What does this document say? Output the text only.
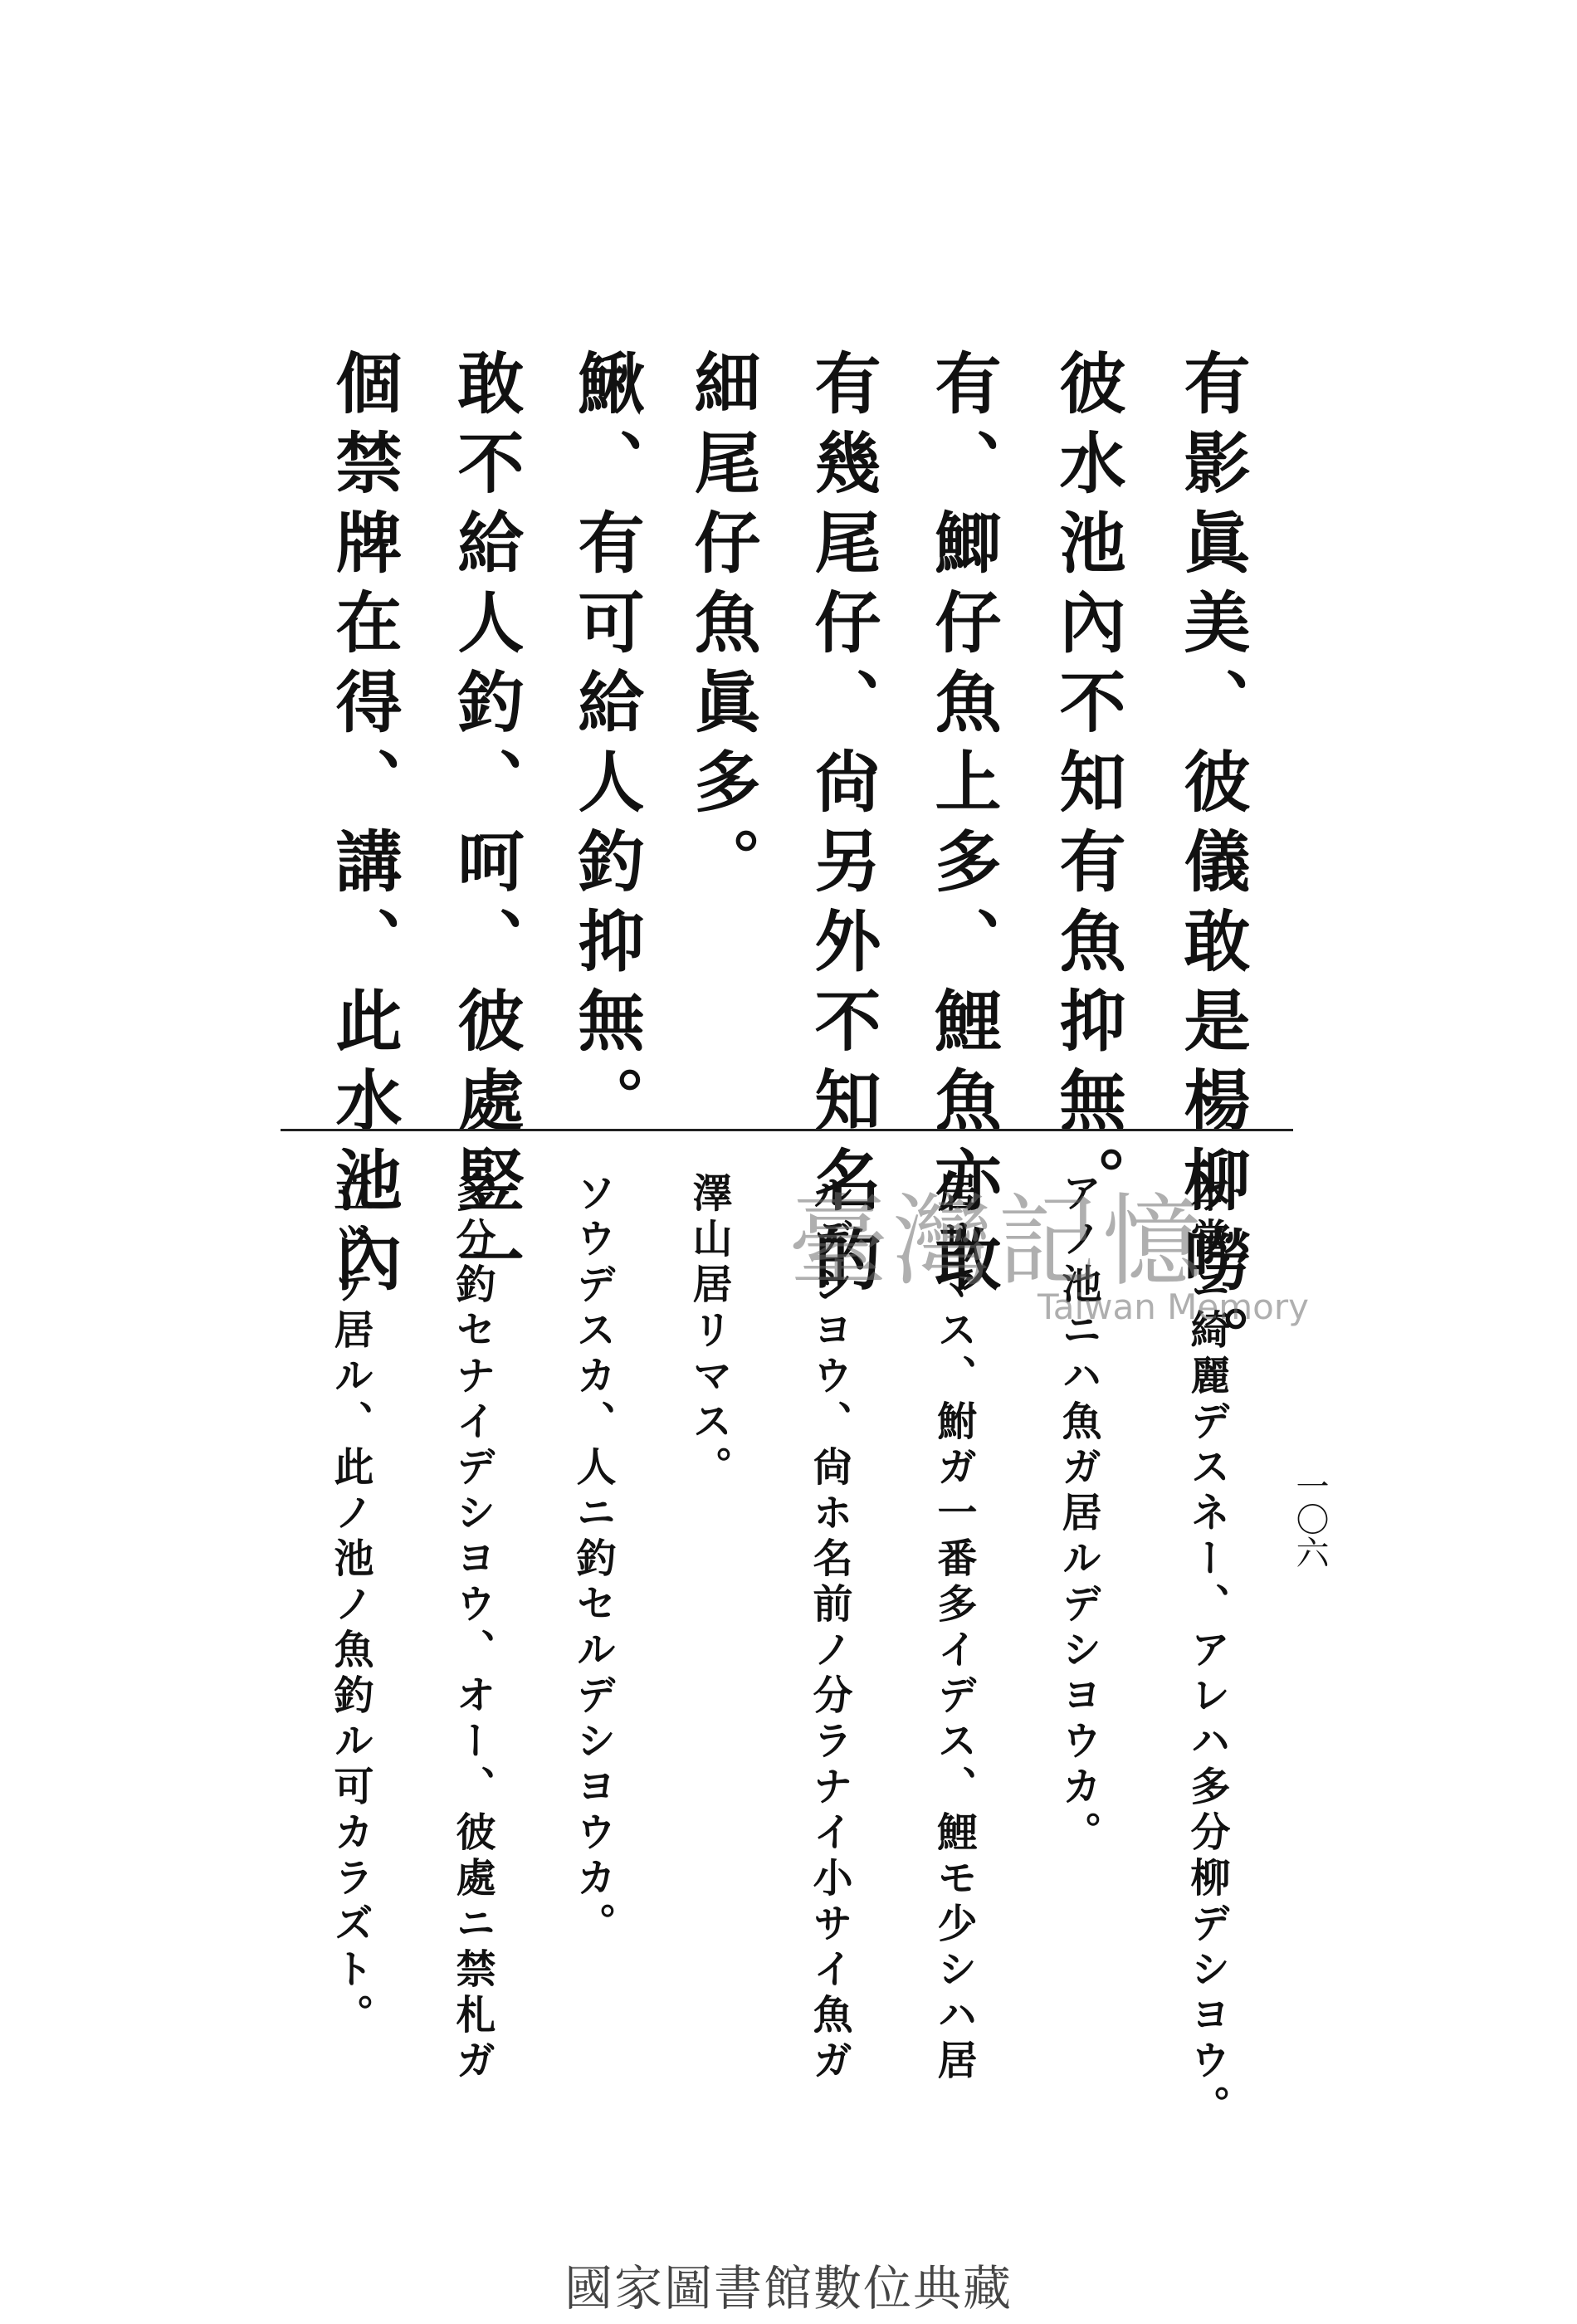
有影眞美、彼儀敢是楊柳嘮。
彼水池內不知有魚抑無。
有、鯽仔魚上多、鯉魚亦敢
有幾尾仔、尙另外不知名的
細尾仔魚眞多。
鰍、有可給人釣抑無。
敢不給人釣、呵、彼處竪一
個禁牌在得、講、此水池內
一〇六
本當ニ綺麗デスネー、アレハ多分柳デシヨウ。
アノ池ニハ魚ガ居ルデシヨウカ。
居リマス、鮒ガ一番多イデス、鯉モ少シハ居
ルデシヨウ、尙ホ名前ノ分ラナイ小サイ魚ガ
澤山居リマス。
ソウデスカ、人ニ釣セルデシヨウカ。
多分釣セナイデシヨウ、オー、彼處ニ禁札ガ
立ツテ居ル、此ノ池ノ魚釣ル可カラズト。	臺灣記憶
Taiwan Memory
國家圖書館數位典藏
